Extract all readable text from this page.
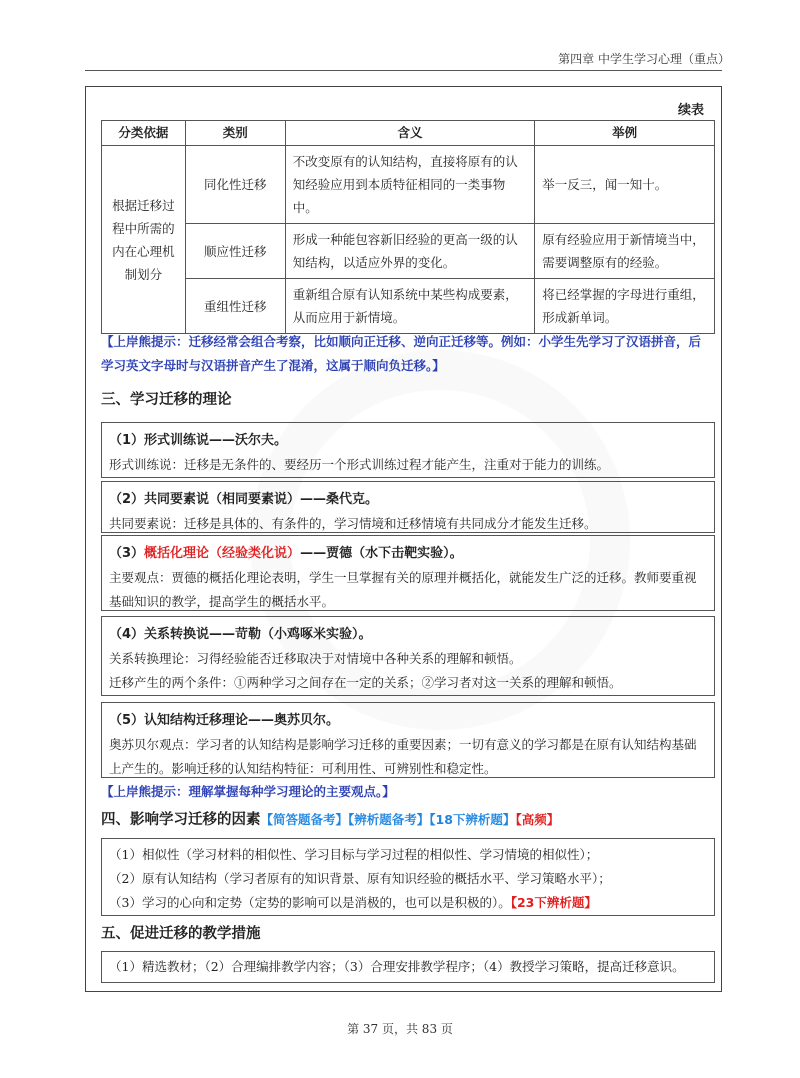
第四章 中学生学习心理（重点）
续表
分类依据	类别	含义	举例
根据迁移过程中所需的内在心理机制划分	同化性迁移	不改变原有的认知结构，直接将原有的认知经验应用到本质特征相同的一类事物中。	举一反三，闻一知十。
	顺应性迁移	形成一种能包容新旧经验的更高一级的认知结构，以适应外界的变化。	原有经验应用于新情境当中，需要调整原有的经验。
	重组性迁移	重新组合原有认知系统中某些构成要素，从而应用于新情境。	将已经掌握的字母进行重组，形成新单词。
【上岸熊提示：迁移经常会组合考察，比如顺向正迁移、逆向正迁移等。例如：小学生先学习了汉语拼音，后学习英文字母时与汉语拼音产生了混淆，这属于顺向负迁移。】
三、学习迁移的理论
（1）形式训练说——沃尔夫。
形式训练说：迁移是无条件的、要经历一个形式训练过程才能产生，注重对于能力的训练。
（2）共同要素说（相同要素说）——桑代克。
共同要素说：迁移是具体的、有条件的，学习情境和迁移情境有共同成分才能发生迁移。
（3）概括化理论（经验类化说）——贾德（水下击靶实验）。
主要观点：贾德的概括化理论表明，学生一旦掌握有关的原理并概括化，就能发生广泛的迁移。教师要重视基础知识的教学，提高学生的概括水平。
（4）关系转换说——苛勒（小鸡啄米实验）。
关系转换理论：习得经验能否迁移取决于对情境中各种关系的理解和顿悟。
迁移产生的两个条件：①两种学习之间存在一定的关系；②学习者对这一关系的理解和顿悟。
（5）认知结构迁移理论——奥苏贝尔。
奥苏贝尔观点：学习者的认知结构是影响学习迁移的重要因素；一切有意义的学习都是在原有认知结构基础上产生的。影响迁移的认知结构特征：可利用性、可辨别性和稳定性。
【上岸熊提示：理解掌握每种学习理论的主要观点。】
四、影响学习迁移的因素【简答题备考】【辨析题备考】【18下辨析题】【高频】
（1）相似性（学习材料的相似性、学习目标与学习过程的相似性、学习情境的相似性）；
（2）原有认知结构（学习者原有的知识背景、原有知识经验的概括水平、学习策略水平）；
（3）学习的心向和定势（定势的影响可以是消极的，也可以是积极的）。【23下辨析题】
五、促进迁移的教学措施
（1）精选教材；（2）合理编排教学内容；（3）合理安排教学程序；（4）教授学习策略，提高迁移意识。
第 37 页，共 83 页
